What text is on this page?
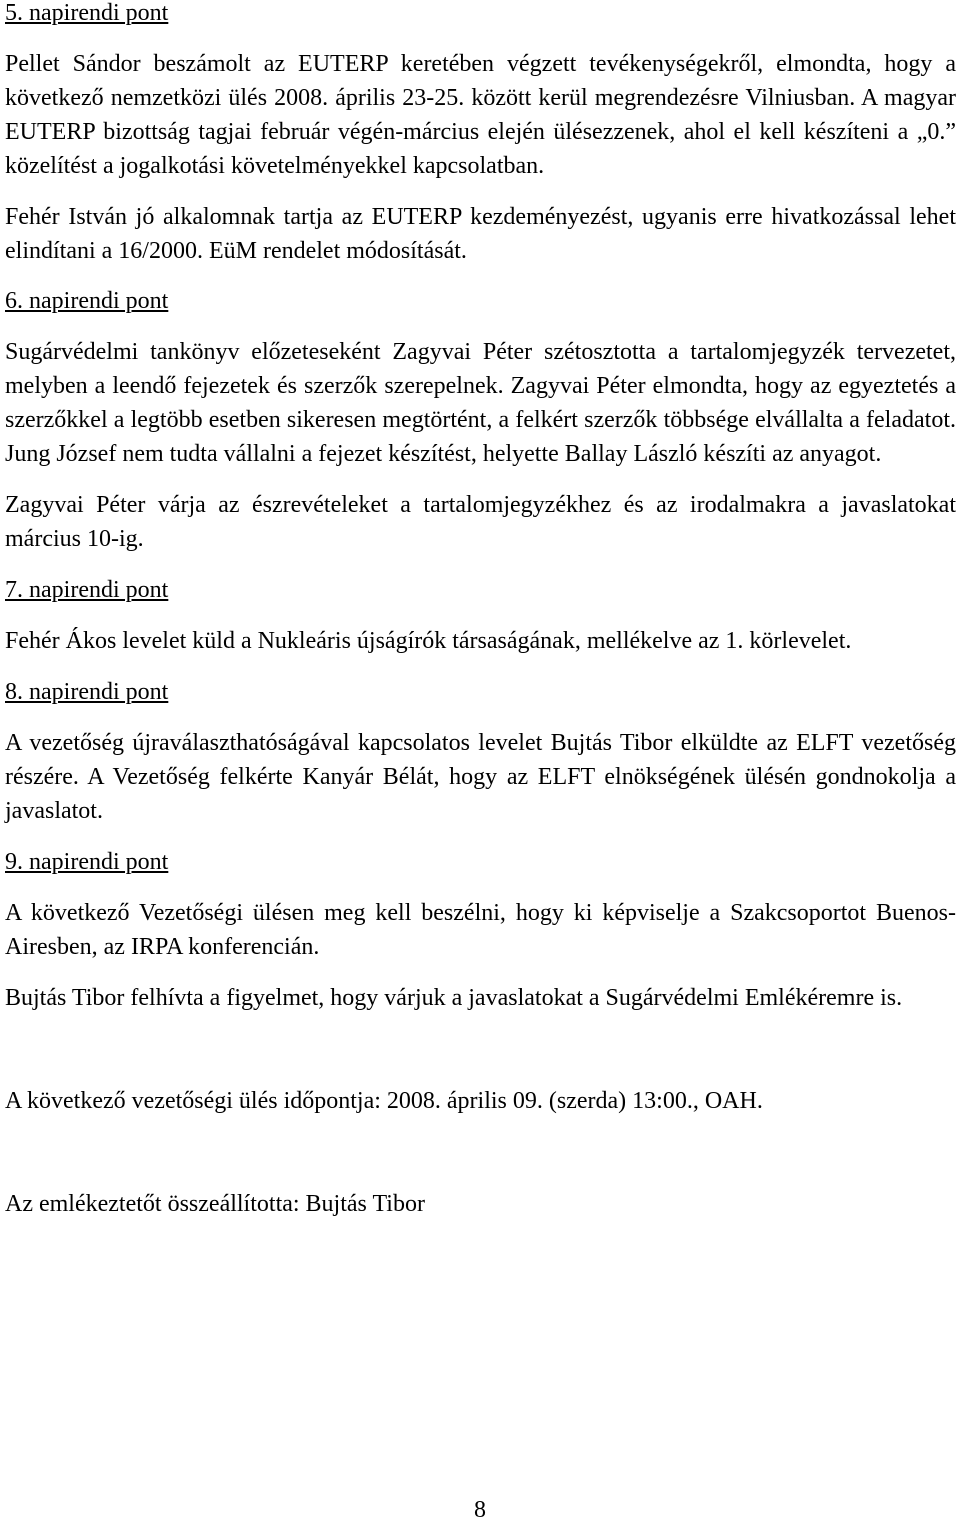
5. napirendi pont
Pellet Sándor beszámolt az EUTERP keretében végzett tevékenységekről, elmondta, hogy a következő nemzetközi ülés 2008. április 23-25. között kerül megrendezésre Vilniusban. A magyar EUTERP bizottság tagjai február végén-március elején ülésezzenek, ahol el kell készíteni a „0.” közelítést a jogalkotási követelményekkel kapcsolatban.
Fehér István jó alkalomnak tartja az EUTERP kezdeményezést, ugyanis erre hivatkozással lehet elindítani a 16/2000. EüM rendelet módosítását.
6. napirendi pont
Sugárvédelmi tankönyv előzeteseként Zagyvai Péter szétosztotta a tartalomjegyzék tervezetet, melyben a leendő fejezetek és szerzők szerepelnek. Zagyvai Péter elmondta, hogy az egyeztetés a szerzőkkel a legtöbb esetben sikeresen megtörtént, a felkért szerzők többsége elvállalta a feladatot. Jung József nem tudta vállalni a fejezet készítést, helyette Ballay László készíti az anyagot.
Zagyvai Péter várja az észrevételeket a tartalomjegyzékhez és az irodalmakra a javaslatokat március 10-ig.
7. napirendi pont
Fehér Ákos levelet küld a Nukleáris újságírók társaságának, mellékelve az 1. körlevelet.
8. napirendi pont
A vezetőség újraválaszthatóságával kapcsolatos levelet Bujtás Tibor elküldte az ELFT vezetőség részére. A Vezetőség felkérte Kanyár Bélát, hogy az ELFT elnökségének ülésén gondnokolja a javaslatot.
9. napirendi pont
A következő Vezetőségi ülésen meg kell beszélni, hogy ki képviselje a Szakcsoportot Buenos-Airesben, az IRPA konferencián.
Bujtás Tibor felhívta a figyelmet, hogy várjuk a javaslatokat a Sugárvédelmi Emlékéremre is.
A következő vezetőségi ülés időpontja: 2008. április 09. (szerda) 13:00., OAH.
Az emlékeztetőt összeállította: Bujtás Tibor
8
